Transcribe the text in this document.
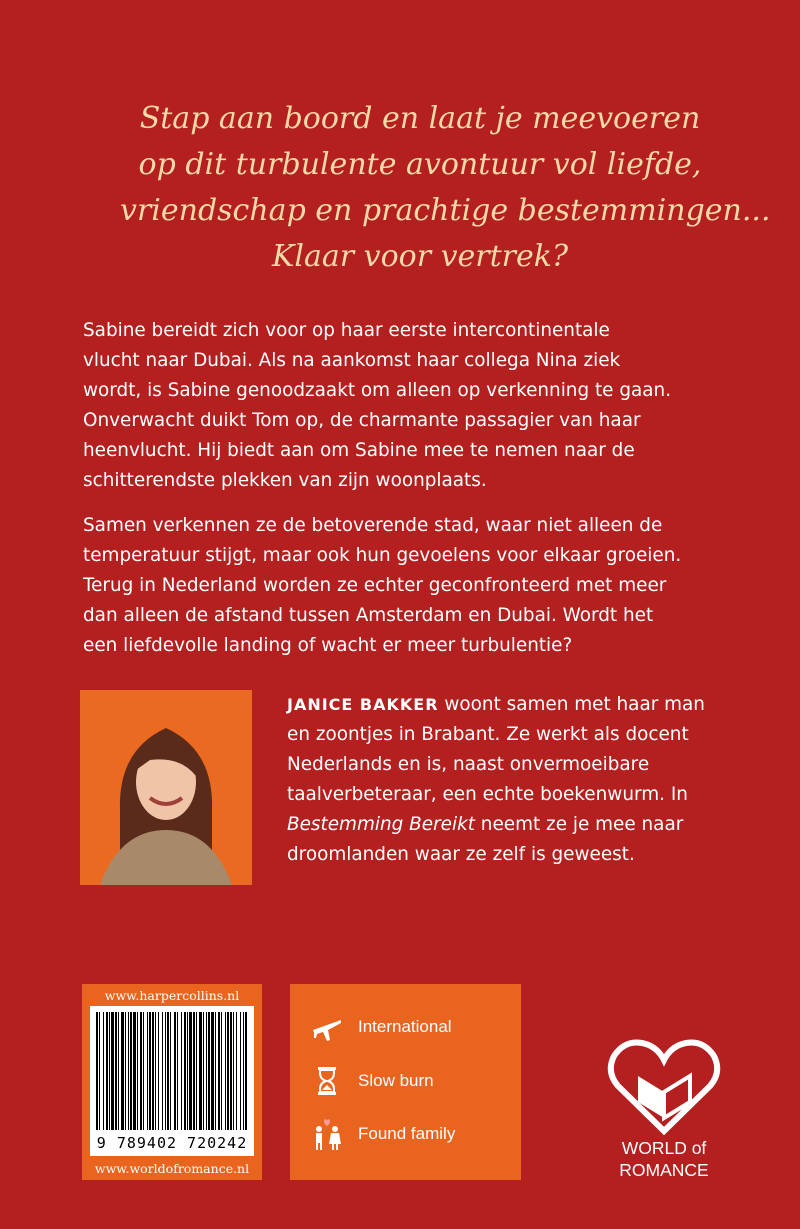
Stap aan boord en laat je meevoeren
op dit turbulente avontuur vol liefde,
vriendschap en prachtige bestemmingen...
Klaar voor vertrek?
Sabine bereidt zich voor op haar eerste intercontinentale
vlucht naar Dubai. Als na aankomst haar collega Nina ziek
wordt, is Sabine genoodzaakt om alleen op verkenning te gaan.
Onverwacht duikt Tom op, de charmante passagier van haar
heenvlucht. Hij biedt aan om Sabine mee te nemen naar de
schitterendste plekken van zijn woonplaats.
Samen verkennen ze de betoverende stad, waar niet alleen de
temperatuur stijgt, maar ook hun gevoelens voor elkaar groeien.
Terug in Nederland worden ze echter geconfronteerd met meer
dan alleen de afstand tussen Amsterdam en Dubai. Wordt het
een liefdevolle landing of wacht er meer turbulentie?
JANICE BAKKER woont samen met haar man
en zoontjes in Brabant. Ze werkt als docent
Nederlands en is, naast onvermoeibare
taalverbeteraar, een echte boekenwurm. In
Bestemming Bereikt neemt ze je mee naar
droomlanden waar ze zelf is geweest.
www.harpercollins.nl
9 789402 720242
www.worldofromance.nl
International
Slow burn
Found family
WORLD of
ROMANCE
